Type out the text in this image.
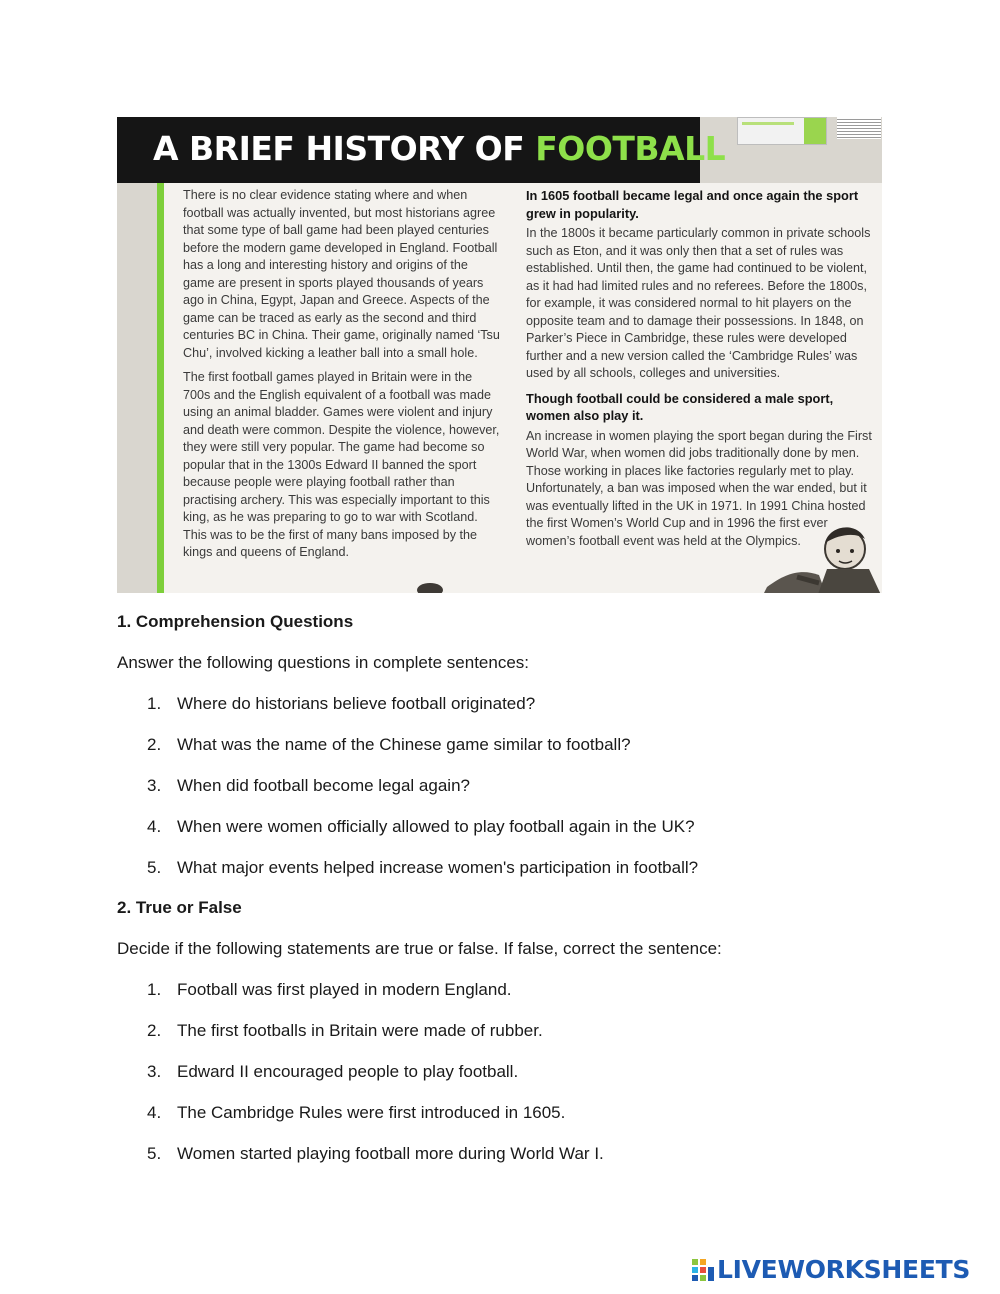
A BRIEF HISTORY OF FOOTBALL

There is no clear evidence stating where and when football was actually invented, but most historians agree that some type of ball game had been played centuries before the modern game developed in England. Football has a long and interesting history and origins of the game are present in sports played thousands of years ago in China, Egypt, Japan and Greece. Aspects of the game can be traced as early as the second and third centuries BC in China. Their game, originally named ‘Tsu Chu’, involved kicking a leather ball into a small hole.

The first football games played in Britain were in the 700s and the English equivalent of a football was made using an animal bladder. Games were violent and injury and death were common. Despite the violence, however, they were still very popular. The game had become so popular that in the 1300s Edward II banned the sport because people were playing football rather than practising archery. This was especially important to this king, as he was preparing to go to war with Scotland. This was to be the first of many bans imposed by the kings and queens of England.

In 1605 football became legal and once again the sport grew in popularity.

In the 1800s it became particularly common in private schools such as Eton, and it was only then that a set of rules was established. Until then, the game had continued to be violent, as it had had limited rules and no referees. Before the 1800s, for example, it was considered normal to hit players on the opposite team and to damage their possessions. In 1848, on Parker’s Piece in Cambridge, these rules were developed further and a new version called the ‘Cambridge Rules’ was used by all schools, colleges and universities.

Though football could be considered a male sport, women also play it.

An increase in women playing the sport began during the First World War, when women did jobs traditionally done by men. Those working in places like factories regularly met to play. Unfortunately, a ban was imposed when the war ended, but it was eventually lifted in the UK in 1971. In 1991 China hosted the first Women’s World Cup and in 1996 the first ever women’s football event was held at the Olympics.

1. Comprehension Questions

Answer the following questions in complete sentences:

1. Where do historians believe football originated?
2. What was the name of the Chinese game similar to football?
3. When did football become legal again?
4. When were women officially allowed to play football again in the UK?
5. What major events helped increase women's participation in football?
2. True or False

Decide if the following statements are true or false. If false, correct the sentence:

1. Football was first played in modern England.
2. The first footballs in Britain were made of rubber.
3. Edward II encouraged people to play football.
4. The Cambridge Rules were first introduced in 1605.
5. Women started playing football more during World War I.
LIVEWORKSHEETS
